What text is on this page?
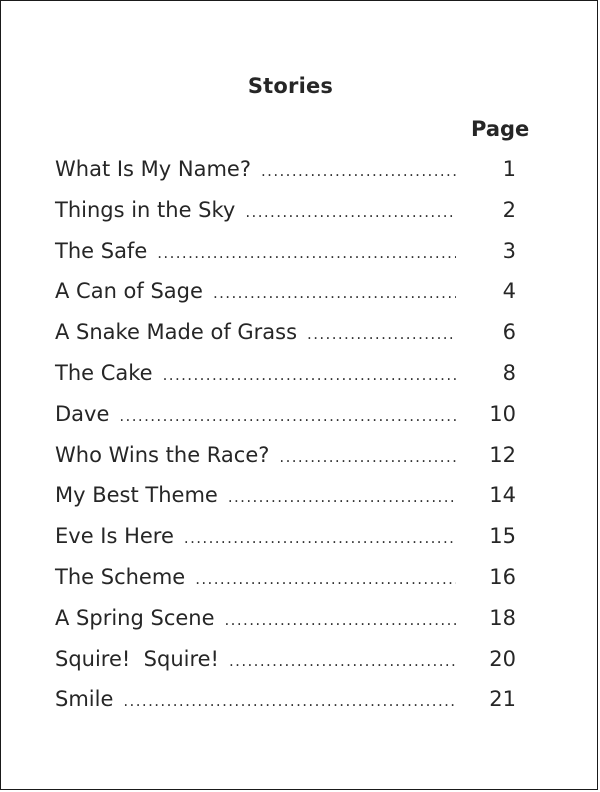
Stories
Page
What Is My Name? .....	1
Things in the Sky .....	2
The Safe .....	3
A Can of Sage .....	4
A Snake Made of Grass .....	6
The Cake .....	8
Dave .....	10
Who Wins the Race? .....	12
My Best Theme .....	14
Eve Is Here .....	15
The Scheme .....	16
A Spring Scene .....	18
Squire!  Squire! .....	20
Smile .....	21
